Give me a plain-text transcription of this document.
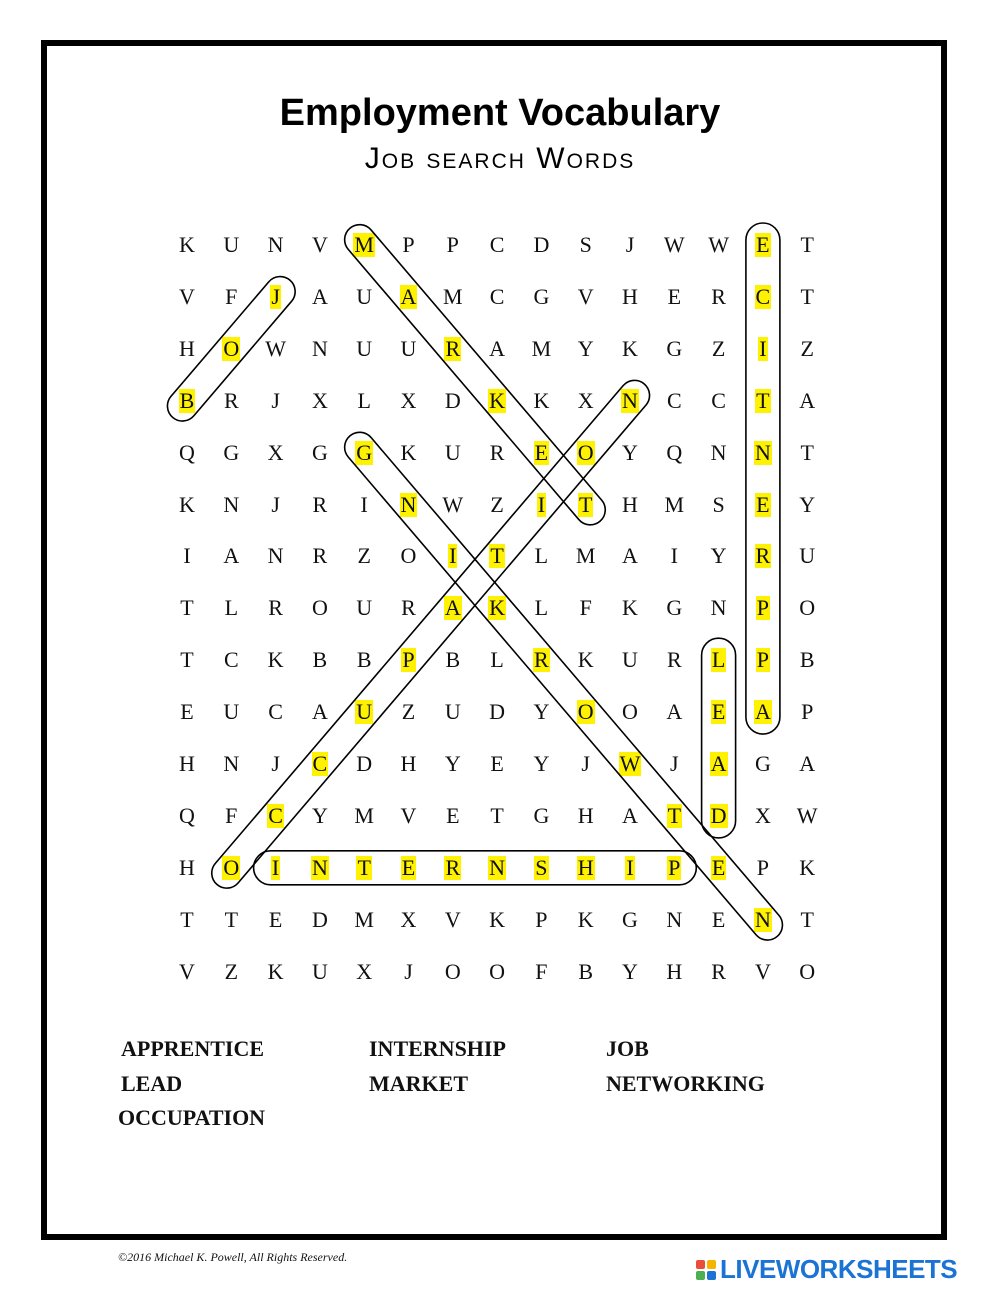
Employment Vocabulary
Job search Words
K U N V M P P C D S J W W E T
V F J A U A M C G V H E R C T
H O W N U U R A M Y K G Z I Z
B R J X L X D K K X N C C T A
Q G X G G K U R E O Y Q N N T
K N J R I N W Z I T H M S E Y
I A N R Z O I T L M A I Y R U
T L R O U R A K L F K G N P O
T C K B B P B L R K U R L P B
E U C A U Z U D Y O O A E A P
H N J C D H Y E Y J W J A G A
Q F C Y M V E T G H A T D X W
H O I N T E R N S H I P E P K
T T E D M X V K P K G N E N T
V Z K U X J O O F B Y H R V O
APPRENTICE	INTERNSHIP	JOB
LEAD	MARKET	NETWORKING
OCCUPATION
©2016 Michael K. Powell, All Rights Reserved.	LIVEWORKSHEETS
